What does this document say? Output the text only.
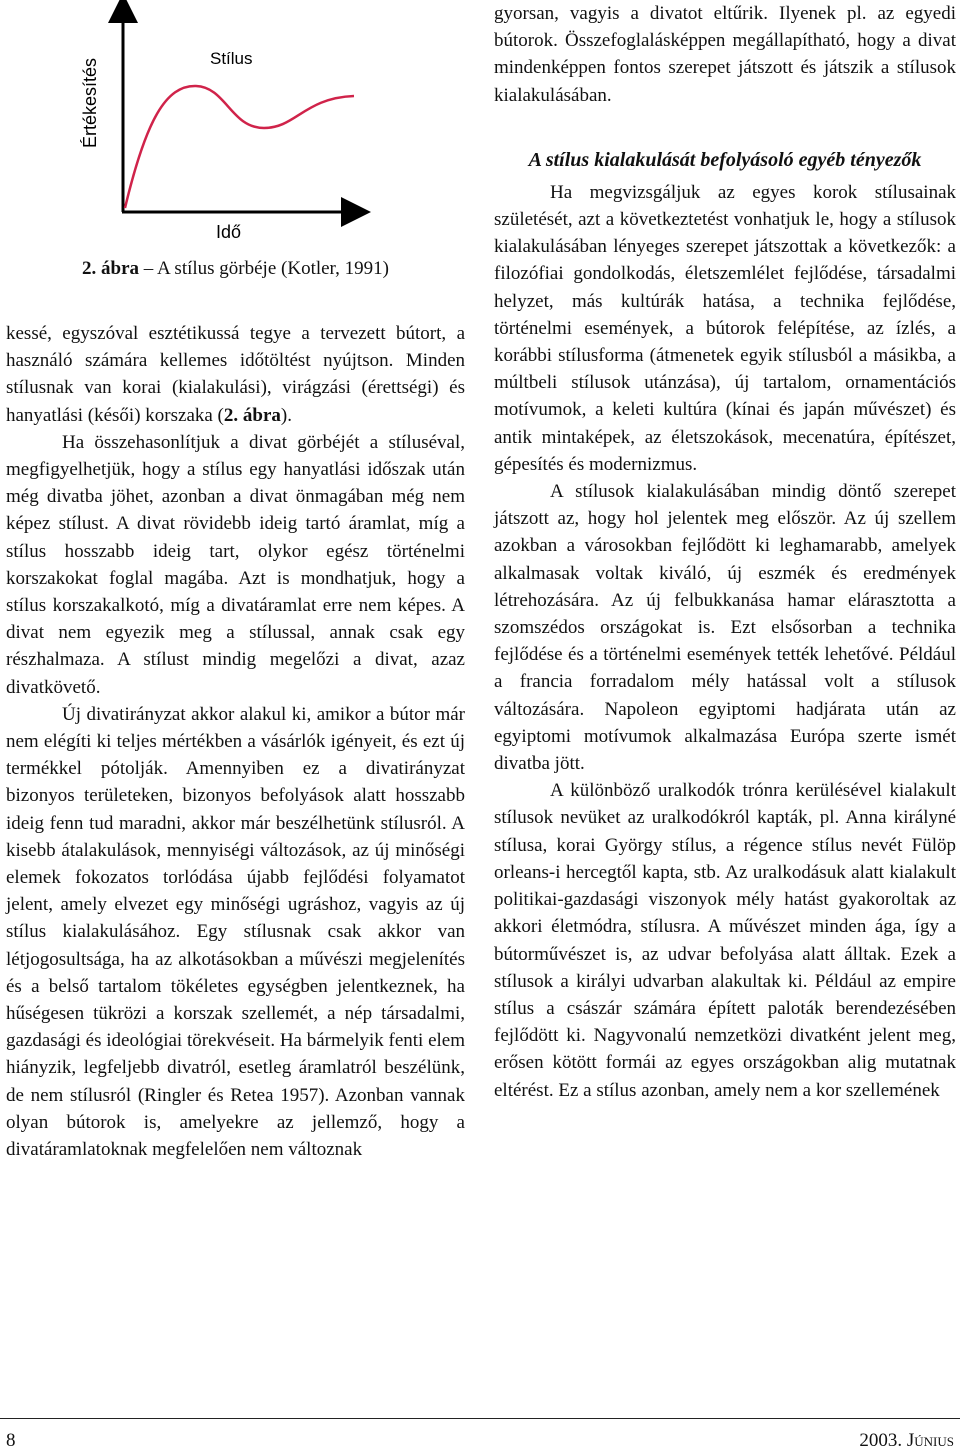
Értékesítés	Stílus
Idő
2. ábra – A stílus görbéje (Kotler, 1991)

kessé, egyszóval esztétikussá tegye a tervezett bútort, a használó számára kellemes időtöltést nyújtson. Minden stílusnak van korai (kialakulási), virágzási (érettségi) és hanyatlási (késői) korszaka (2. ábra).

Ha összehasonlítjuk a divat görbéjét a stíluséval, megfigyelhetjük, hogy a stílus egy hanyatlási időszak után még divatba jöhet, azonban a divat önmagában még nem képez stílust. A divat rövidebb ideig tartó áramlat, míg a stílus hosszabb ideig tart, olykor egész történelmi korszakokat foglal magába. Azt is mondhatjuk, hogy a stílus korszakalkotó, míg a divatáramlat erre nem képes. A divat nem egyezik meg a stílussal, annak csak egy részhalmaza. A stílust mindig megelőzi a divat, azaz divatkövető.

Új divatirányzat akkor alakul ki, amikor a bútor már nem elégíti ki teljes mértékben a vásárlók igényeit, és ezt új termékkel pótolják. Amennyiben ez a divatirányzat bizonyos területeken, bizonyos befolyások alatt hosszabb ideig fenn tud maradni, akkor már beszélhetünk stílusról. A kisebb átalakulások, mennyiségi változások, az új minőségi elemek fokozatos torlódása újabb fejlődési folyamatot jelent, amely elvezet egy minőségi ugráshoz, vagyis az új stílus kialakulásához. Egy stílusnak csak akkor van létjogosultsága, ha az alkotásokban a művészi megjelenítés és a belső tartalom tökéletes egységben jelentkeznek, ha hűségesen tükrözi a korszak szellemét, a nép társadalmi, gazdasági és ideológiai törekvéseit. Ha bármelyik fenti elem hiányzik, legfeljebb divatról, esetleg áramlatról beszélünk, de nem stílusról (Ringler és Retea 1957). Azonban vannak olyan bútorok is, amelyekre az jellemző, hogy a divatáramlatoknak megfelelően nem változnak

gyorsan, vagyis a divatot eltűrik. Ilyenek pl. az egyedi bútorok. Összefoglalásképpen megállapítható, hogy a divat mindenképpen fontos szerepet játszott és játszik a stílusok kialakulásában.

A stílus kialakulását befolyásoló egyéb tényezők

Ha megvizsgáljuk az egyes korok stílusainak születését, azt a következtetést vonhatjuk le, hogy a stílusok kialakulásában lényeges szerepet játszottak a következők: a filozófiai gondolkodás, életszemlélet fejlődése, társadalmi helyzet, más kultúrák hatása, a technika fejlődése, történelmi események, a bútorok felépítése, az ízlés, a korábbi stílusforma (átmenetek egyik stílusból a másikba, a múltbeli stílusok utánzása), új tartalom, ornamentációs motívumok, a keleti kultúra (kínai és japán művészet) és antik mintaképek, az életszokások, mecenatúra, építészet, gépesítés és modernizmus.

A stílusok kialakulásában mindig döntő szerepet játszott az, hogy hol jelentek meg először. Az új szellem azokban a városokban fejlődött ki leghamarabb, amelyek alkalmasak voltak kiváló, új eszmék és eredmények létrehozására. Az új felbukkanása hamar elárasztotta a szomszédos országokat is. Ezt elsősorban a technika fejlődése és a történelmi események tették lehetővé. Például a francia forradalom mély hatással volt a stílusok változására. Napoleon egyiptomi hadjárata után az egyiptomi motívumok alkalmazása Európa szerte ismét divatba jött.

A különböző uralkodók trónra kerülésével kialakult stílusok nevüket az uralkodókról kapták, pl. Anna királyné stílusa, korai György stílus, a régence stílus nevét Fülöp orleans-i hercegtől kapta, stb. Az uralkodásuk alatt kialakult politikai-gazdasági viszonyok mély hatást gyakoroltak az akkori életmódra, stílusra. A művészet minden ága, így a bútorművészet is, az udvar befolyása alatt álltak. Ezek a stílusok a királyi udvarban alakultak ki. Például az empire stílus a császár számára épített paloták berendezésében fejlődött ki. Nagyvonalú nemzetközi divatként jelent meg, erősen kötött formái az egyes országokban alig mutatnak eltérést. Ez a stílus azonban, amely nem a kor szellemének

8	2003. Június
